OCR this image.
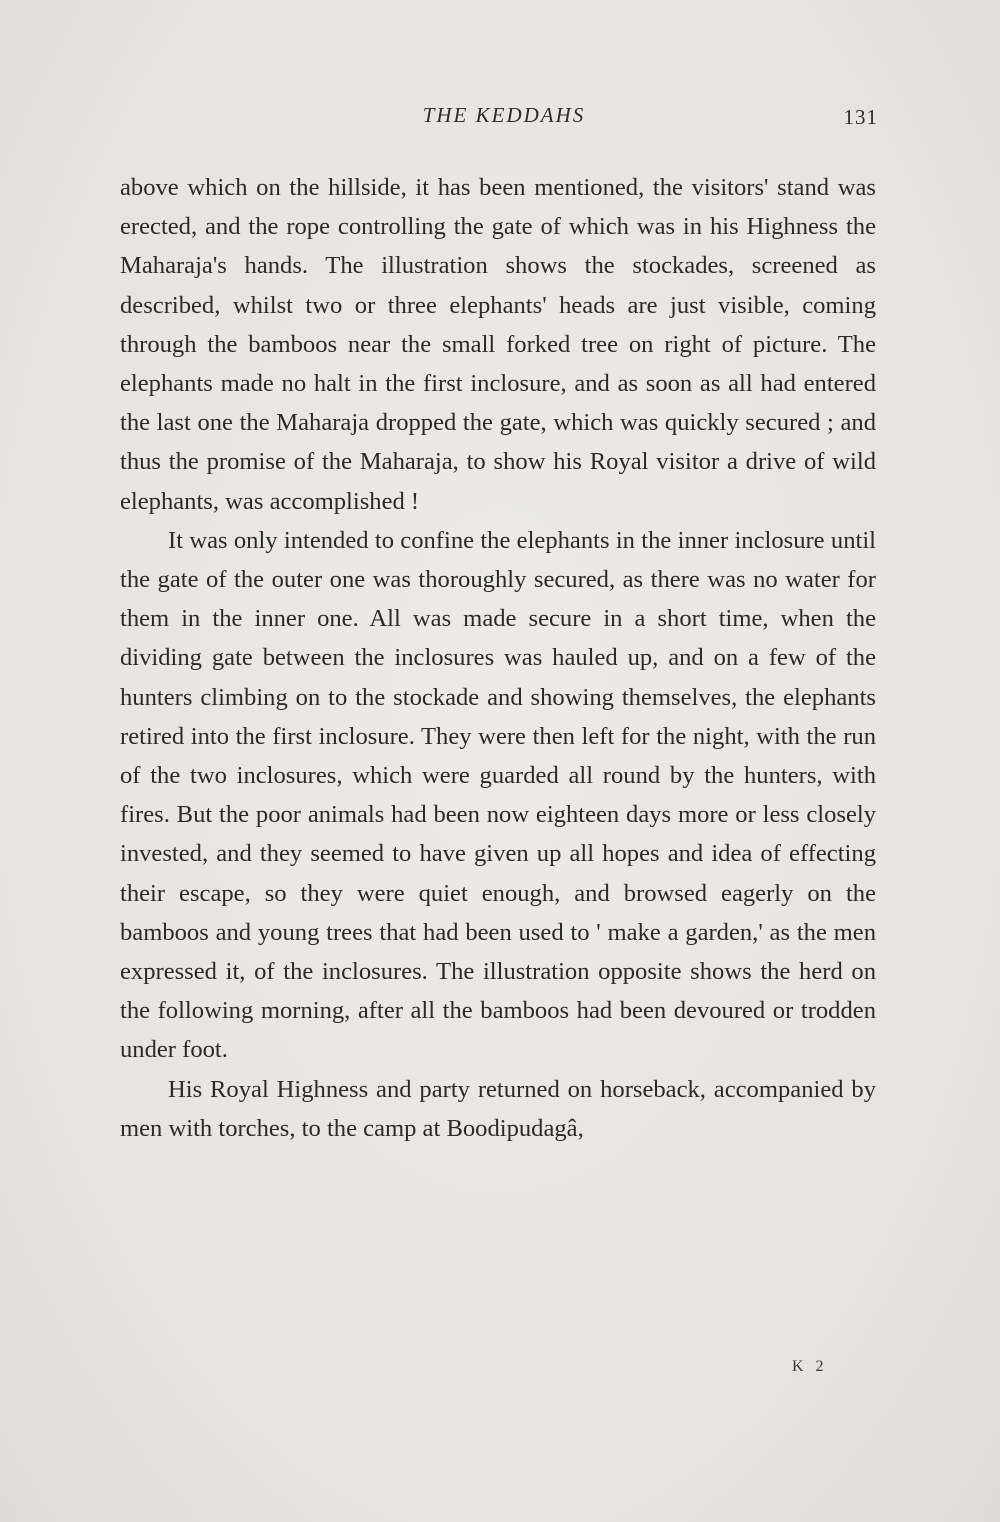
THE KEDDAHS	131

above which on the hillside, it has been mentioned, the visitors' stand was erected, and the rope controlling the gate of which was in his Highness the Maharaja's hands. The illustration shows the stockades, screened as described, whilst two or three elephants' heads are just visible, coming through the bamboos near the small forked tree on right of picture. The elephants made no halt in the first inclosure, and as soon as all had entered the last one the Maharaja dropped the gate, which was quickly secured ; and thus the promise of the Maharaja, to show his Royal visitor a drive of wild elephants, was accomplished !

It was only intended to confine the elephants in the inner inclosure until the gate of the outer one was thoroughly secured, as there was no water for them in the inner one. All was made secure in a short time, when the dividing gate between the inclosures was hauled up, and on a few of the hunters climbing on to the stockade and showing themselves, the elephants retired into the first inclosure. They were then left for the night, with the run of the two inclosures, which were guarded all round by the hunters, with fires. But the poor animals had been now eighteen days more or less closely invested, and they seemed to have given up all hopes and idea of effecting their escape, so they were quiet enough, and browsed eagerly on the bamboos and young trees that had been used to ' make a garden,' as the men expressed it, of the inclosures. The illustration opposite shows the herd on the following morning, after all the bamboos had been devoured or trodden under foot.

His Royal Highness and party returned on horseback, accompanied by men with torches, to the camp at Boodipudagâ,

K 2
